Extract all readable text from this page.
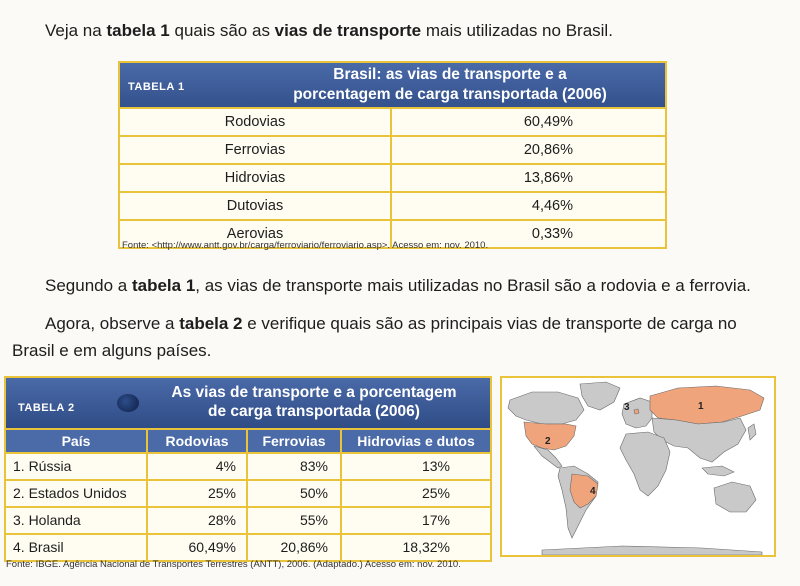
Veja na tabela 1 quais são as vias de transporte mais utilizadas no Brasil.
TABELA 1
Brasil: as vias de transporte e a
porcentagem de carga transportada (2006)
Rodovias	60,49%
Ferrovias	20,86%
Hidrovias	13,86%
Dutovias	4,46%
Aerovias	0,33%
Fonte: <http://www.antt.gov.br/carga/ferroviario/ferroviario.asp>. Acesso em: nov. 2010.
Segundo a tabela 1, as vias de transporte mais utilizadas no Brasil são a rodovia e a ferrovia.
Agora, observe a tabela 2 e verifique quais são as principais vias de transporte de carga no
Brasil e em alguns países.
TABELA 2
As vias de transporte e a porcentagem
de carga transportada (2006)
País	Rodovias	Ferrovias	Hidrovias e dutos
1. Rússia	4%	83%	13%
2. Estados Unidos	25%	50%	25%
3. Holanda	28%	55%	17%
4. Brasil	60,49%	20,86%	18,32%
Fonte: IBGE. Agência Nacional de Transportes Terrestres (ANTT), 2006. (Adaptado.) Acesso em: nov. 2010.
1
2
3
4
